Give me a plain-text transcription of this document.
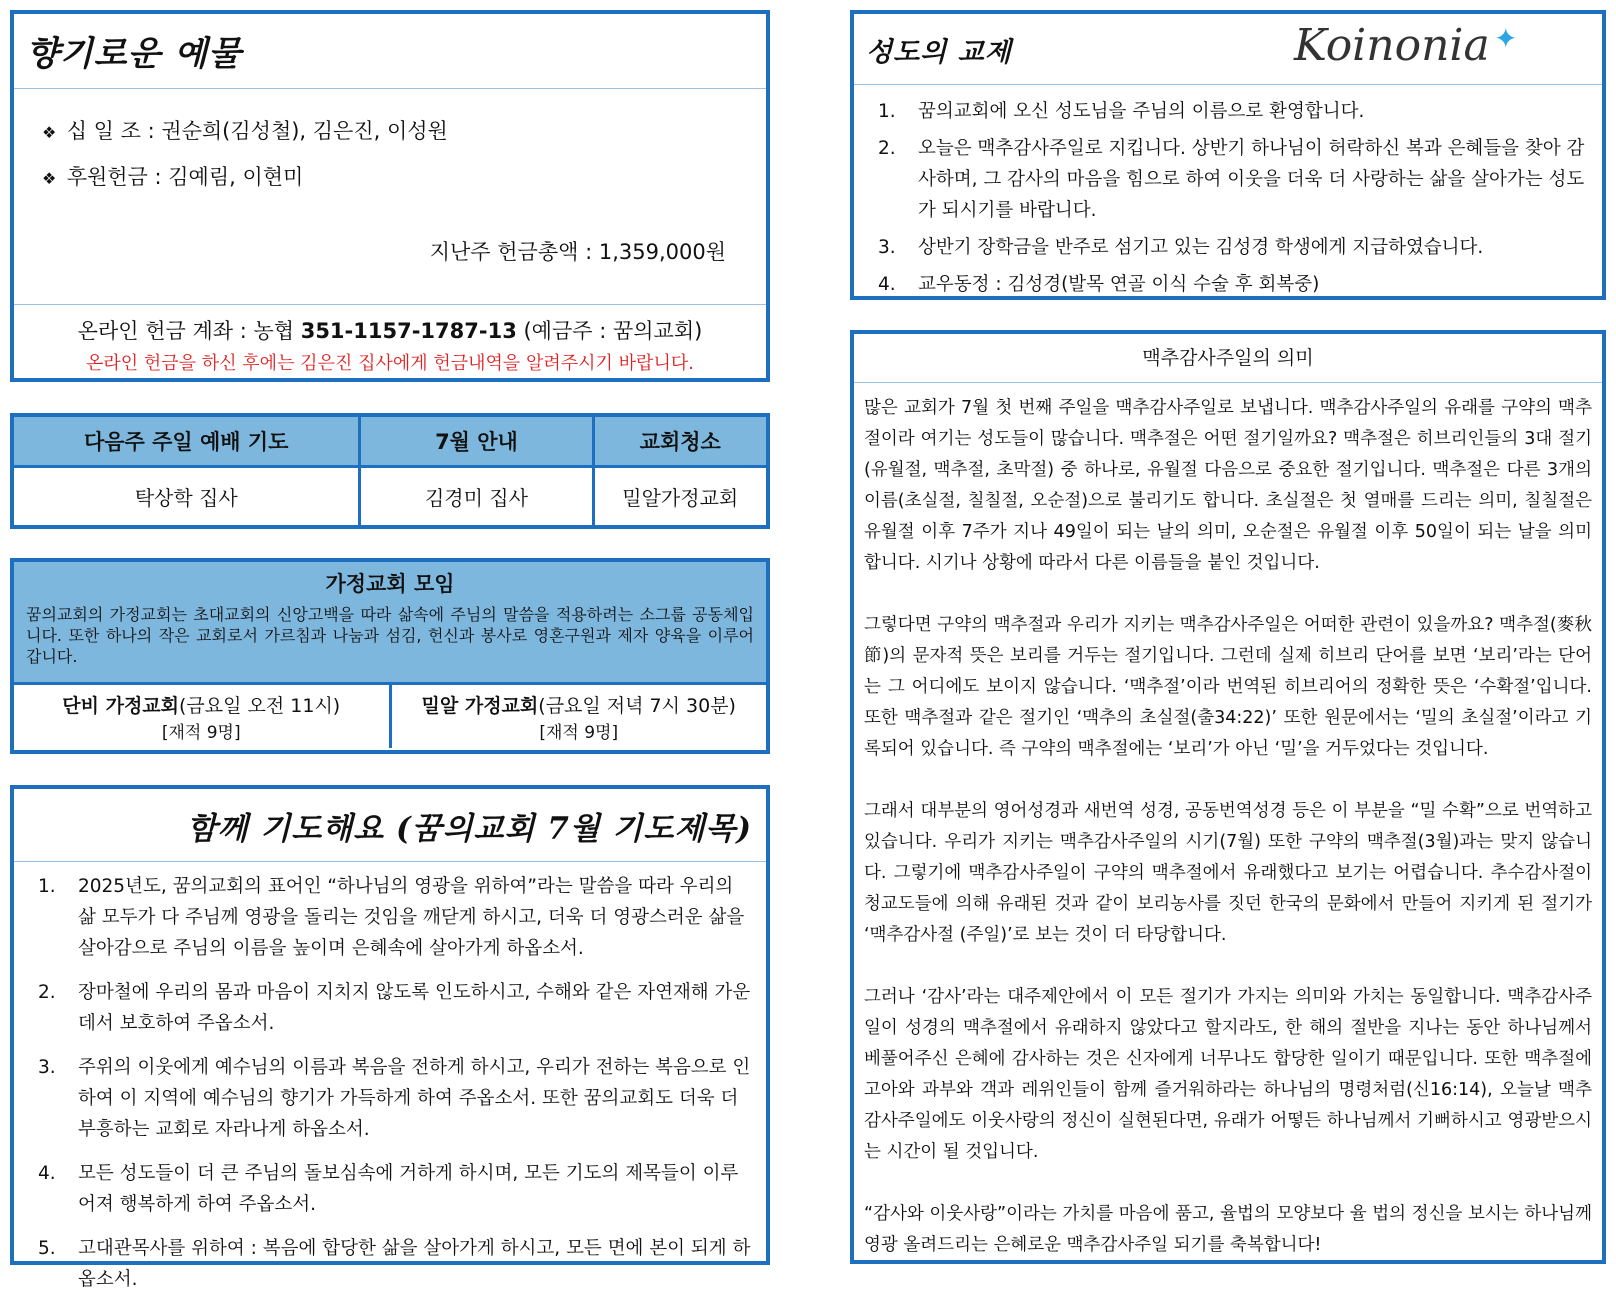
향기로운 예물
❖ 십 일 조 : 권순희(김성철), 김은진, 이성원
❖ 후원헌금 : 김예림, 이현미
지난주 헌금총액 : 1,359,000원
온라인 헌금 계좌 : 농협 351-1157-1787-13 (예금주 : 꿈의교회)
온라인 헌금을 하신 후에는 김은진 집사에게 헌금내역을 알려주시기 바랍니다.
다음주 주일 예배 기도	7월 안내	교회청소
탁상학 집사	김경미 집사	밀알가정교회
가정교회 모임
꿈의교회의 가정교회는 초대교회의 신앙고백을 따라 삶속에 주님의 말씀을 적용하려는 소그룹 공동체입니다. 또한 하나의 작은 교회로서 가르침과 나눔과 섬김, 헌신과 봉사로 영혼구원과 제자 양육을 이루어 갑니다.
단비 가정교회(금요일 오전 11시)
[재적 9명]
밀알 가정교회(금요일 저녁 7시 30분)
[재적 9명]
함께 기도해요 (꿈의교회 7월 기도제목)
1. 2025년도, 꿈의교회의 표어인 “하나님의 영광을 위하여”라는 말씀을 따라 우리의 삶 모두가 다 주님께 영광을 돌리는 것임을 깨닫게 하시고, 더욱 더 영광스러운 삶을 살아감으로 주님의 이름을 높이며 은혜속에 살아가게 하옵소서.
2. 장마철에 우리의 몸과 마음이 지치지 않도록 인도하시고, 수해와 같은 자연재해 가운데서 보호하여 주옵소서.
3. 주위의 이웃에게 예수님의 이름과 복음을 전하게 하시고, 우리가 전하는 복음으로 인하여 이 지역에 예수님의 향기가 가득하게 하여 주옵소서. 또한 꿈의교회도 더욱 더 부흥하는 교회로 자라나게 하옵소서.
4. 모든 성도들이 더 큰 주님의 돌보심속에 거하게 하시며, 모든 기도의 제목들이 이루어져 행복하게 하여 주옵소서.
5. 고대관목사를 위하여 : 복음에 합당한 삶을 살아가게 하시고, 모든 면에 본이 되게 하옵소서.
성도의 교제	Koinonia ✦
1. 꿈의교회에 오신 성도님을 주님의 이름으로 환영합니다.
2. 오늘은 맥추감사주일로 지킵니다. 상반기 하나님이 허락하신 복과 은혜들을 찾아 감사하며, 그 감사의 마음을 힘으로 하여 이웃을 더욱 더 사랑하는 삶을 살아가는 성도가 되시기를 바랍니다.
3. 상반기 장학금을 반주로 섬기고 있는 김성경 학생에게 지급하였습니다.
4. 교우동정 : 김성경(발목 연골 이식 수술 후 회복중)
맥추감사주일의 의미

많은 교회가 7월 첫 번째 주일을 맥추감사주일로 보냅니다. 맥추감사주일의 유래를 구약의 맥추절이라 여기는 성도들이 많습니다. 맥추절은 어떤 절기일까요? 맥추절은 히브리인들의 3대 절기(유월절, 맥추절, 초막절) 중 하나로, 유월절 다음으로 중요한 절기입니다. 맥추절은 다른 3개의 이름(초실절, 칠칠절, 오순절)으로 불리기도 합니다. 초실절은 첫 열매를 드리는 의미, 칠칠절은 유월절 이후 7주가 지나 49일이 되는 날의 의미, 오순절은 유월절 이후 50일이 되는 날을 의미합니다. 시기나 상황에 따라서 다른 이름들을 붙인 것입니다.

그렇다면 구약의 맥추절과 우리가 지키는 맥추감사주일은 어떠한 관련이 있을까요? 맥추절(麥秋節)의 문자적 뜻은 보리를 거두는 절기입니다. 그런데 실제 히브리 단어를 보면 ‘보리’라는 단어는 그 어디에도 보이지 않습니다. ‘맥추절’이라 번역된 히브리어의 정확한 뜻은 ‘수확절’입니다. 또한 맥추절과 같은 절기인 ‘맥추의 초실절(출34:22)’ 또한 원문에서는 ‘밀의 초실절’이라고 기록되어 있습니다. 즉 구약의 맥추절에는 ‘보리’가 아닌 ‘밀’을 거두었다는 것입니다.

그래서 대부분의 영어성경과 새번역 성경, 공동번역성경 등은 이 부분을 “밀 수확”으로 번역하고 있습니다. 우리가 지키는 맥추감사주일의 시기(7월) 또한 구약의 맥추절(3월)과는 맞지 않습니다. 그렇기에 맥추감사주일이 구약의 맥추절에서 유래했다고 보기는 어렵습니다. 추수감사절이 청교도들에 의해 유래된 것과 같이 보리농사를 짓던 한국의 문화에서 만들어 지키게 된 절기가 ‘맥추감사절 (주일)’로 보는 것이 더 타당합니다.

그러나 ‘감사’라는 대주제안에서 이 모든 절기가 가지는 의미와 가치는 동일합니다. 맥추감사주일이 성경의 맥추절에서 유래하지 않았다고 할지라도, 한 해의 절반을 지나는 동안 하나님께서 베풀어주신 은혜에 감사하는 것은 신자에게 너무나도 합당한 일이기 때문입니다. 또한 맥추절에 고아와 과부와 객과 레위인들이 함께 즐거워하라는 하나님의 명령처럼(신16:14), 오늘날 맥추감사주일에도 이웃사랑의 정신이 실현된다면, 유래가 어떻든 하나님께서 기뻐하시고 영광받으시는 시간이 될 것입니다.

“감사와 이웃사랑”이라는 가치를 마음에 품고, 율법의 모양보다 율 법의 정신을 보시는 하나님께 영광 올려드리는 은혜로운 맥추감사주일 되기를 축복합니다!
